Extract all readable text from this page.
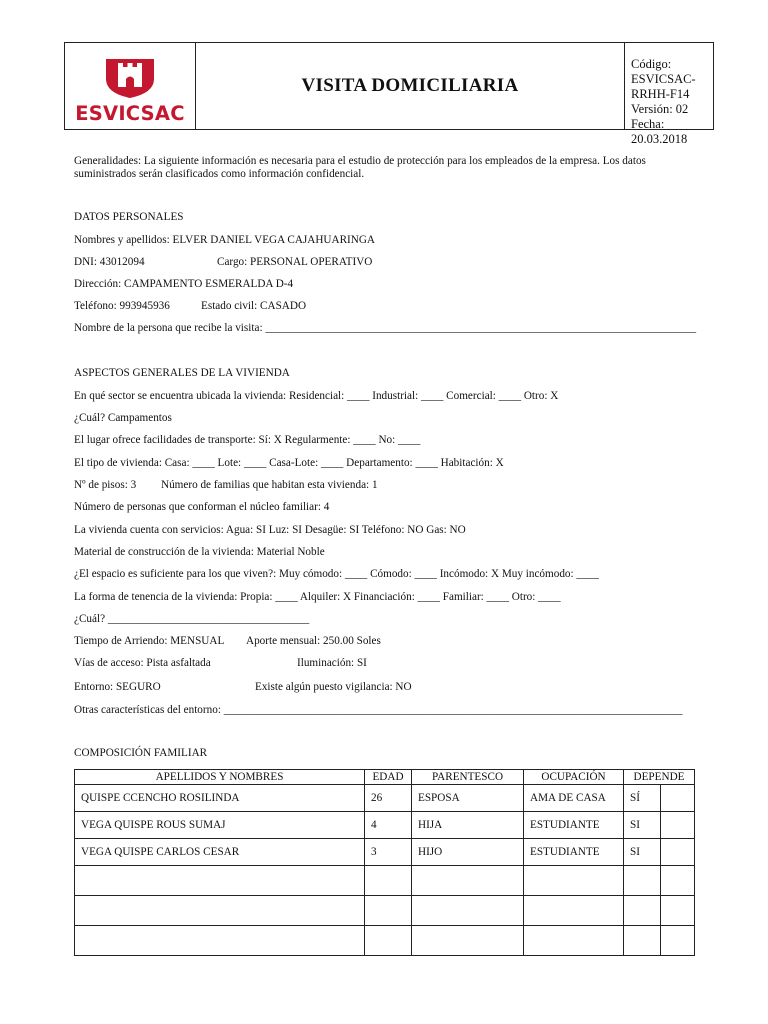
ESVICSAC
VISITA DOMICILIARIA
Código:
ESVICSAC-RRHH-F14
Versión: 02
Fecha: 20.03.2018
Generalidades: La siguiente información es necesaria para el estudio de protección para los empleados de la empresa. Los datos suministrados serán clasificados como información confidencial.
DATOS PERSONALES
Nombres y apellidos: ELVER DANIEL VEGA CAJAHUARINGA
DNI: 43012094	Cargo: PERSONAL OPERATIVO
Dirección: CAMPAMENTO ESMERALDA D-4
Teléfono: 993945936	Estado civil: CASADO
Nombre de la persona que recibe la visita: _____________________________________________________________________________
ASPECTOS GENERALES DE LA VIVIENDA
En qué sector se encuentra ubicada la vivienda: Residencial: ____ Industrial: ____ Comercial: ____ Otro: X
¿Cuál? Campamentos
El lugar ofrece facilidades de transporte: Sí: X Regularmente: ____ No: ____
El tipo de vivienda: Casa: ____ Lote: ____ Casa-Lote: ____ Departamento: ____ Habitación: X
Nº de pisos: 3 Número de familias que habitan esta vivienda: 1
Número de personas que conforman el núcleo familiar: 4
La vivienda cuenta con servicios: Agua: SI Luz: SI Desagüe: SI Teléfono: NO Gas: NO
Material de construcción de la vivienda: Material Noble
¿El espacio es suficiente para los que viven?: Muy cómodo: ____ Cómodo: ____ Incómodo: X Muy incómodo: ____
La forma de tenencia de la vivienda: Propia: ____ Alquiler: X Financiación: ____ Familiar: ____ Otro: ____
¿Cuál? ____________________________________
Tiempo de Arriendo: MENSUAL Aporte mensual: 250.00 Soles
Vías de acceso: Pista asfaltada	Iluminación: SI
Entorno: SEGURO	Existe algún puesto vigilancia: NO
Otras características del entorno: __________________________________________________________________________________
COMPOSICIÓN FAMILIAR
APELLIDOS Y NOMBRES	EDAD	PARENTESCO	OCUPACIÓN	DEPENDE	
QUISPE CCENCHO ROSILINDA	26	ESPOSA	AMA DE CASA	SÍ	
VEGA QUISPE ROUS SUMAJ	4	HIJA	ESTUDIANTE	SI	
VEGA QUISPE CARLOS CESAR	3	HIJO	ESTUDIANTE	SI	
